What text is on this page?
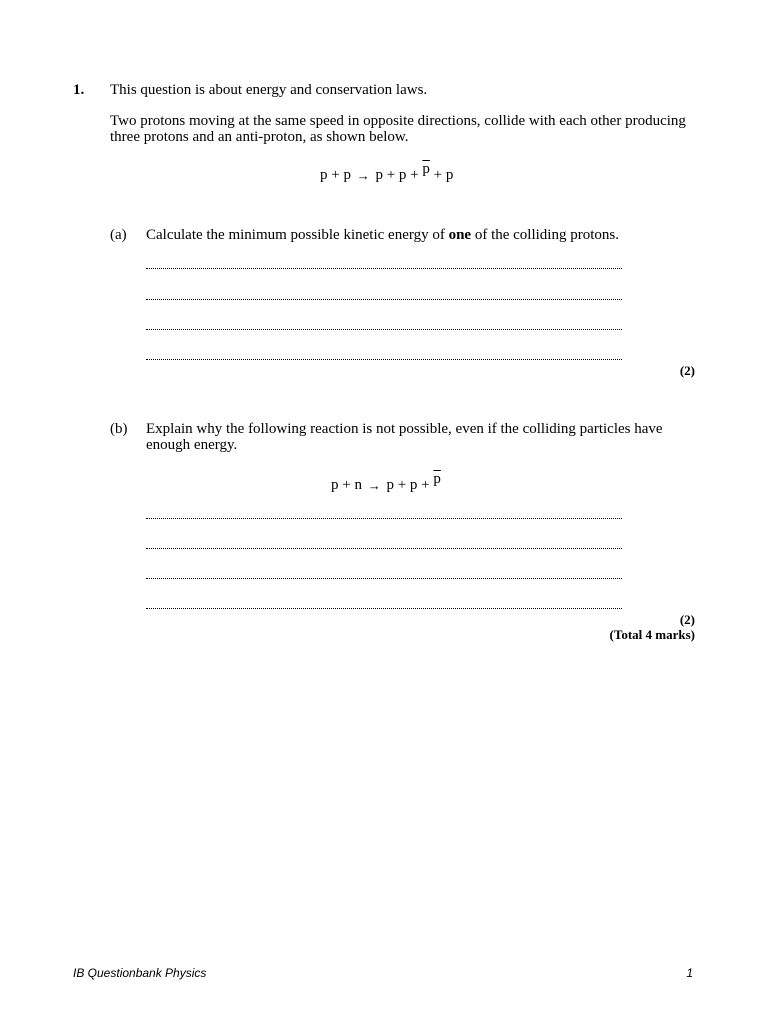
1. This question is about energy and conservation laws.
Two protons moving at the same speed in opposite directions, collide with each other producing three protons and an anti-proton, as shown below.
$p + p \to p + p + \overline{p} + p$
(a) Calculate the minimum possible kinetic energy of one of the colliding protons.
(2)
(b) Explain why the following reaction is not possible, even if the colliding particles have enough energy.
$p + n \to p + p + \overline{p}$
(2)
(Total 4 marks)
IB Questionbank Physics	1
